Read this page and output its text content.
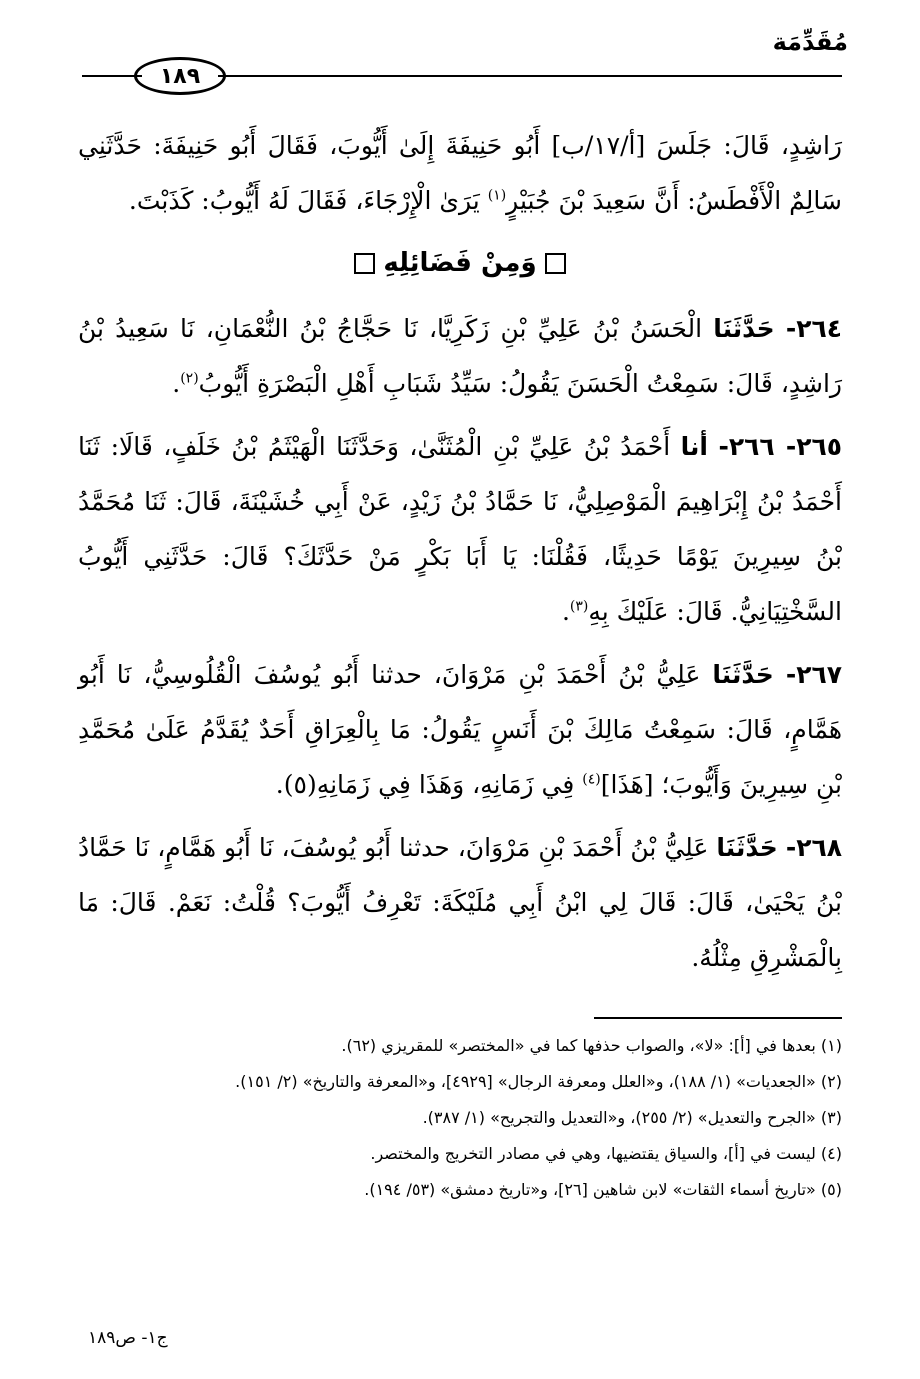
مُقَدِّمَة
١٨٩

رَاشِدٍ، قَالَ: جَلَسَ [أ/١٧/ب] أَبُو حَنِيفَةَ إِلَىٰ أَيُّوبَ، فَقَالَ أَبُو حَنِيفَةَ: حَدَّثَنِي سَالِمٌ الْأَفْطَسُ: أَنَّ سَعِيدَ بْنَ جُبَيْرٍ$^{(١)}$ يَرَىٰ الْإِرْجَاءَ، فَقَالَ لَهُ أَيُّوبُ: كَذَبْتَ.

وَمِنْ فَضَائِلِهِ

٢٦٤- حَدَّثَنَا الْحَسَنُ بْنُ عَلِيِّ بْنِ زَكَرِيَّا، نَا حَجَّاجُ بْنُ النُّعْمَانِ، نَا سَعِيدُ بْنُ رَاشِدٍ، قَالَ: سَمِعْتُ الْحَسَنَ يَقُولُ: سَيِّدُ شَبَابِ أَهْلِ الْبَصْرَةِ أَيُّوبُ$^{(٢)}$.

٢٦٥- ٢٦٦- أنا أَحْمَدُ بْنُ عَلِيِّ بْنِ الْمُثَنَّىٰ، وَحَدَّثَنَا الْهَيْثَمُ بْنُ خَلَفٍ، قَالَا: ثَنَا أَحْمَدُ بْنُ إِبْرَاهِيمَ الْمَوْصِلِيُّ، نَا حَمَّادُ بْنُ زَيْدٍ، عَنْ أَبِي خُشَيْنَةَ، قَالَ: ثَنَا مُحَمَّدُ بْنُ سِيرِينَ يَوْمًا حَدِيثًا، فَقُلْنَا: يَا أَبَا بَكْرٍ مَنْ حَدَّثَكَ؟ قَالَ: حَدَّثَنِي أَيُّوبُ السَّخْتِيَانِيُّ. قَالَ: عَلَيْكَ بِهِ$^{(٣)}$.

٢٦٧- حَدَّثَنَا عَلِيُّ بْنُ أَحْمَدَ بْنِ مَرْوَانَ، حدثنا أَبُو يُوسُفَ الْقُلُوسِيُّ، نَا أَبُو هَمَّامٍ، قَالَ: سَمِعْتُ مَالِكَ بْنَ أَنَسٍ يَقُولُ: مَا بِالْعِرَاقِ أَحَدٌ يُقَدَّمُ عَلَىٰ مُحَمَّدِ بْنِ سِيرِينَ وَأَيُّوبَ؛ [هَذَا]$^{(٤)}$ فِي زَمَانِهِ، وَهَذَا فِي زَمَانِهِ(٥).

٢٦٨- حَدَّثَنَا عَلِيُّ بْنُ أَحْمَدَ بْنِ مَرْوَانَ، حدثنا أَبُو يُوسُفَ، نَا أَبُو هَمَّامٍ، نَا حَمَّادُ بْنُ يَحْيَىٰ، قَالَ: قَالَ لِي ابْنُ أَبِي مُلَيْكَةَ: تَعْرِفُ أَيُّوبَ؟ قُلْتُ: نَعَمْ. قَالَ: مَا بِالْمَشْرِقِ مِثْلُهُ.

(١) بعدها في [أ]: «لا»، والصواب حذفها كما في «المختصر» للمقريزي (٦٢).
(٢) «الجعديات» (١/ ١٨٨)، و«العلل ومعرفة الرجال» [٤٩٢٩]، و«المعرفة والتاريخ» (٢/ ١٥١).
(٣) «الجرح والتعديل» (٢/ ٢٥٥)، و«التعديل والتجريح» (١/ ٣٨٧).
(٤) ليست في [أ]، والسياق يقتضيها، وهي في مصادر التخريج والمختصر.
(٥) «تاريخ أسماء الثقات» لابن شاهين [٢٦]، و«تاريخ دمشق» (٥٣/ ١٩٤).
ج١- ص١٨٩
